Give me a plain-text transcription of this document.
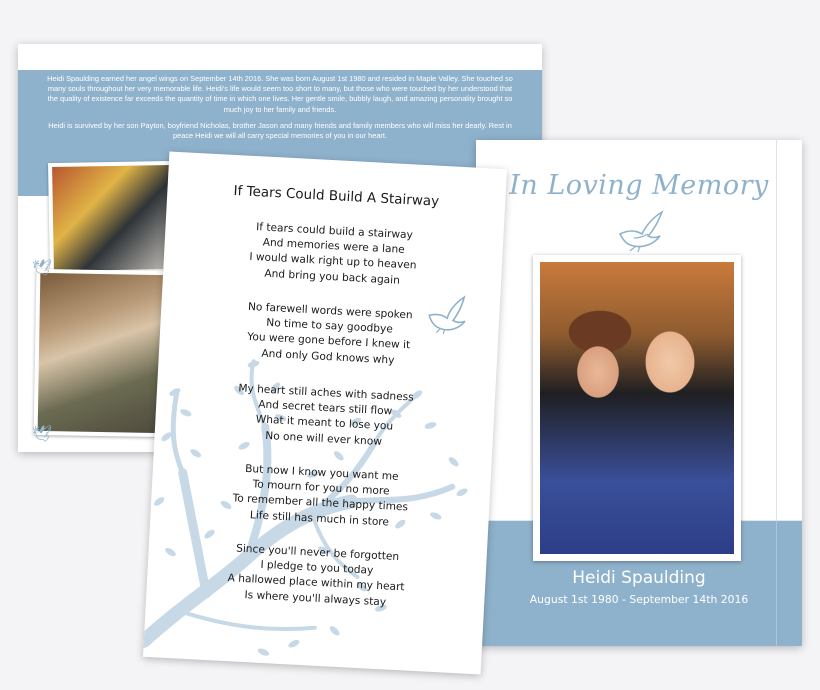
Heidi Spaulding earned her angel wings on September 14th 2016. She was born August 1st 1980 and resided in Maple Valley. She touched so many souls throughout her very memorable life. Heidi's life would seem too short to many, but those who were touched by her understood that the quality of existence far exceeds the quantity of time in which one lives. Her gentle smile, bubbly laugh, and amazing personality brought so much joy to her family and friends.

Heidi is survived by her son Payton, boyfriend Nicholas, brother Jason and many friends and family members who will miss her dearly. Rest in peace Heidi we will all carry special memories of you in our heart.

🕊
🕊
In Loving Memory
Heidi Spaulding
August 1st 1980 - September 14th 2016
If Tears Could Build A Stairway
If tears could build a stairway
And memories were a lane
I would walk right up to heaven
And bring you back again
No farewell words were spoken
No time to say goodbye
You were gone before I knew it
And only God knows why
My heart still aches with sadness
And secret tears still flow
What it meant to lose you
No one will ever know
But now I know you want me
To mourn for you no more
To remember all the happy times
Life still has much in store
Since you'll never be forgotten
I pledge to you today
A hallowed place within my heart
Is where you'll always stay
